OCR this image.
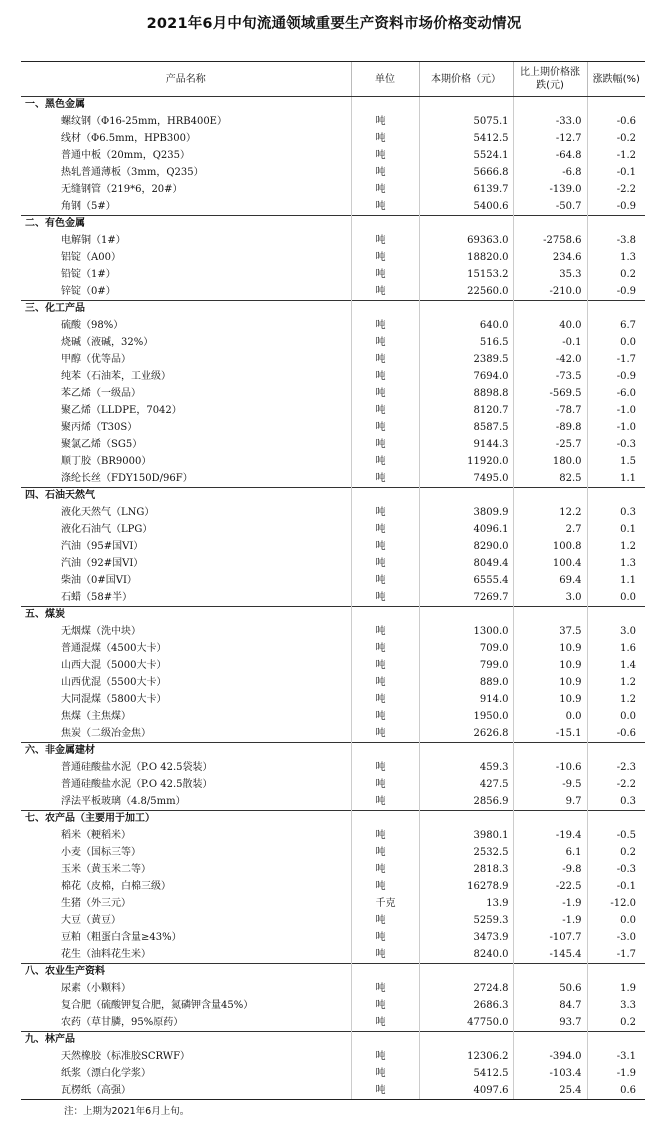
2021年6月中旬流通领域重要生产资料市场价格变动情况
产品名称	单位	本期价格（元）	比上期价格涨跌(元)	涨跌幅(%)
一、黑色金属				
螺纹钢（Φ16-25mm，HRB400E）	吨	5075.1	-33.0	-0.6
线材（Φ6.5mm，HPB300）	吨	5412.5	-12.7	-0.2
普通中板（20mm，Q235）	吨	5524.1	-64.8	-1.2
热轧普通薄板（3mm，Q235）	吨	5666.8	-6.8	-0.1
无缝钢管（219*6，20#）	吨	6139.7	-139.0	-2.2
角钢（5#）	吨	5400.6	-50.7	-0.9
二、有色金属				
电解铜（1#）	吨	69363.0	-2758.6	-3.8
铝锭（A00）	吨	18820.0	234.6	1.3
铅锭（1#）	吨	15153.2	35.3	0.2
锌锭（0#）	吨	22560.0	-210.0	-0.9
三、化工产品				
硫酸（98%）	吨	640.0	40.0	6.7
烧碱（液碱，32%）	吨	516.5	-0.1	0.0
甲醇（优等品）	吨	2389.5	-42.0	-1.7
纯苯（石油苯，工业级）	吨	7694.0	-73.5	-0.9
苯乙烯（一级品）	吨	8898.8	-569.5	-6.0
聚乙烯（LLDPE，7042）	吨	8120.7	-78.7	-1.0
聚丙烯（T30S）	吨	8587.5	-89.8	-1.0
聚氯乙烯（SG5）	吨	9144.3	-25.7	-0.3
顺丁胶（BR9000）	吨	11920.0	180.0	1.5
涤纶长丝（FDY150D/96F）	吨	7495.0	82.5	1.1
四、石油天然气				
液化天然气（LNG）	吨	3809.9	12.2	0.3
液化石油气（LPG）	吨	4096.1	2.7	0.1
汽油（95#国VI）	吨	8290.0	100.8	1.2
汽油（92#国VI）	吨	8049.4	100.4	1.3
柴油（0#国VI）	吨	6555.4	69.4	1.1
石蜡（58#半）	吨	7269.7	3.0	0.0
五、煤炭				
无烟煤（洗中块）	吨	1300.0	37.5	3.0
普通混煤（4500大卡）	吨	709.0	10.9	1.6
山西大混（5000大卡）	吨	799.0	10.9	1.4
山西优混（5500大卡）	吨	889.0	10.9	1.2
大同混煤（5800大卡）	吨	914.0	10.9	1.2
焦煤（主焦煤）	吨	1950.0	0.0	0.0
焦炭（二级冶金焦）	吨	2626.8	-15.1	-0.6
六、非金属建材				
普通硅酸盐水泥（P.O 42.5袋装）	吨	459.3	-10.6	-2.3
普通硅酸盐水泥（P.O 42.5散装）	吨	427.5	-9.5	-2.2
浮法平板玻璃（4.8/5mm）	吨	2856.9	9.7	0.3
七、农产品（主要用于加工）				
稻米（粳稻米）	吨	3980.1	-19.4	-0.5
小麦（国标三等）	吨	2532.5	6.1	0.2
玉米（黄玉米二等）	吨	2818.3	-9.8	-0.3
棉花（皮棉，白棉三级）	吨	16278.9	-22.5	-0.1
生猪（外三元）	千克	13.9	-1.9	-12.0
大豆（黄豆）	吨	5259.3	-1.9	0.0
豆粕（粗蛋白含量≥43%）	吨	3473.9	-107.7	-3.0
花生（油料花生米）	吨	8240.0	-145.4	-1.7
八、农业生产资料				
尿素（小颗料）	吨	2724.8	50.6	1.9
复合肥（硫酸钾复合肥，氮磷钾含量45%）	吨	2686.3	84.7	3.3
农药（草甘膦，95%原药）	吨	47750.0	93.7	0.2
九、林产品				
天然橡胶（标准胶SCRWF）	吨	12306.2	-394.0	-3.1
纸浆（漂白化学浆）	吨	5412.5	-103.4	-1.9
瓦楞纸（高强）	吨	4097.6	25.4	0.6
注：上期为2021年6月上旬。
